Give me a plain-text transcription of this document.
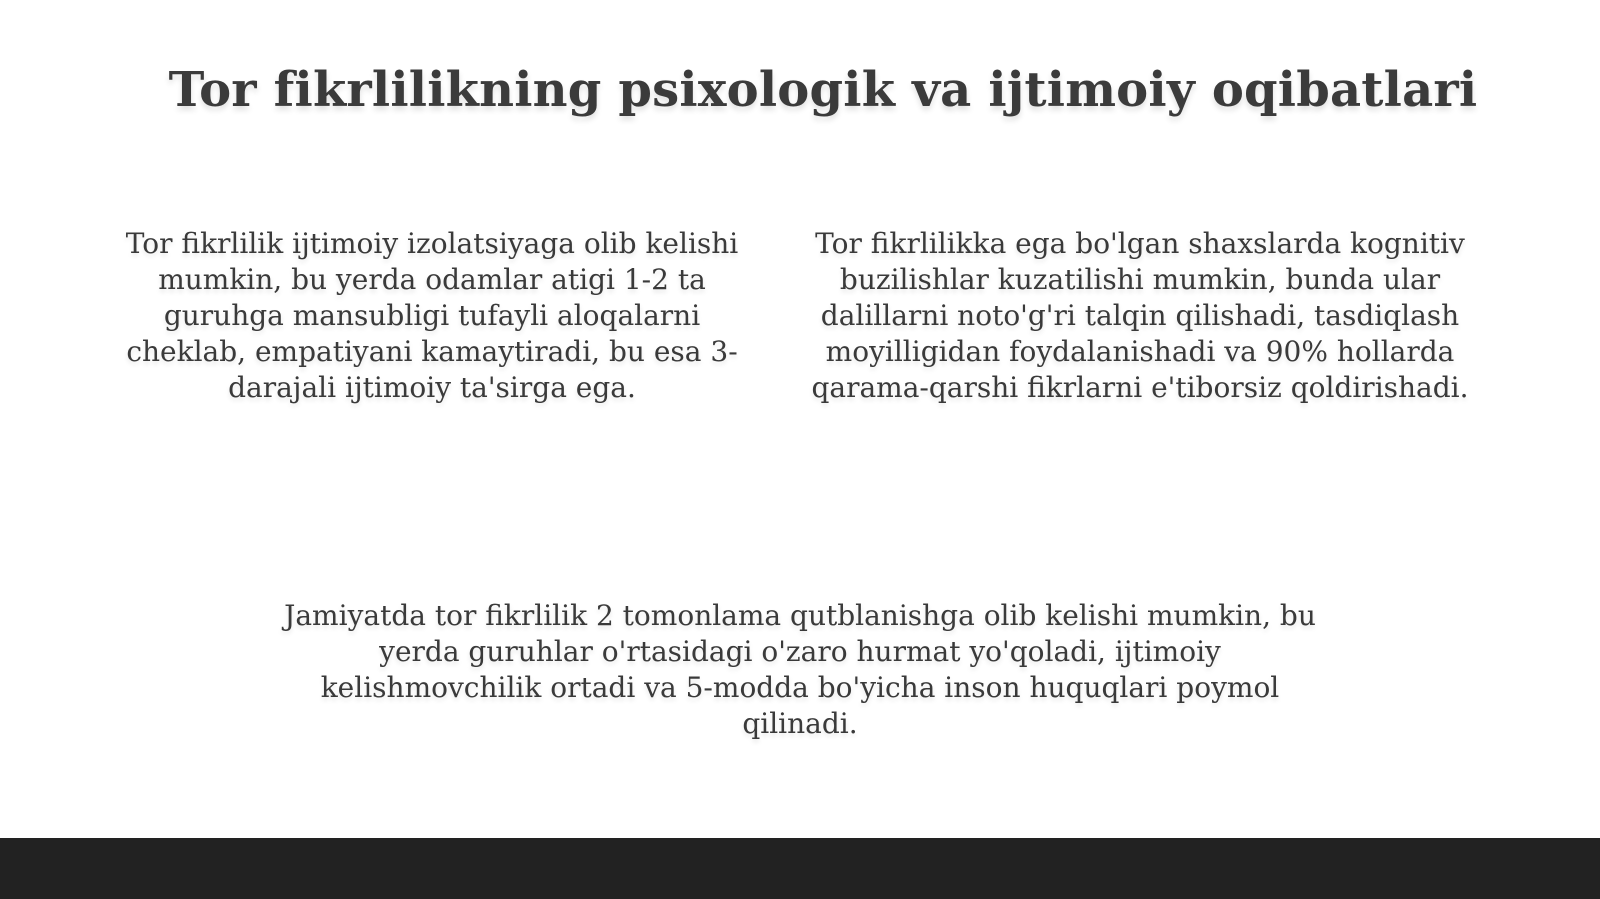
Tor fikrlilikning psixologik va ijtimoiy oqibatlari

Tor fikrlilik ijtimoiy izolatsiyaga olib kelishi mumkin, bu yerda odamlar atigi 1-2 ta guruhga mansubligi tufayli aloqalarni cheklab, empatiyani kamaytiradi, bu esa 3-darajali ijtimoiy ta'sirga ega.

Tor fikrlilikka ega bo'lgan shaxslarda kognitiv buzilishlar kuzatilishi mumkin, bunda ular dalillarni noto'g'ri talqin qilishadi, tasdiqlash moyilligidan foydalanishadi va 90% hollarda qarama-qarshi fikrlarni e'tiborsiz qoldirishadi.

Jamiyatda tor fikrlilik 2 tomonlama qutblanishga olib kelishi mumkin, bu yerda guruhlar o'rtasidagi o'zaro hurmat yo'qoladi, ijtimoiy kelishmovchilik ortadi va 5-modda bo'yicha inson huquqlari poymol qilinadi.
